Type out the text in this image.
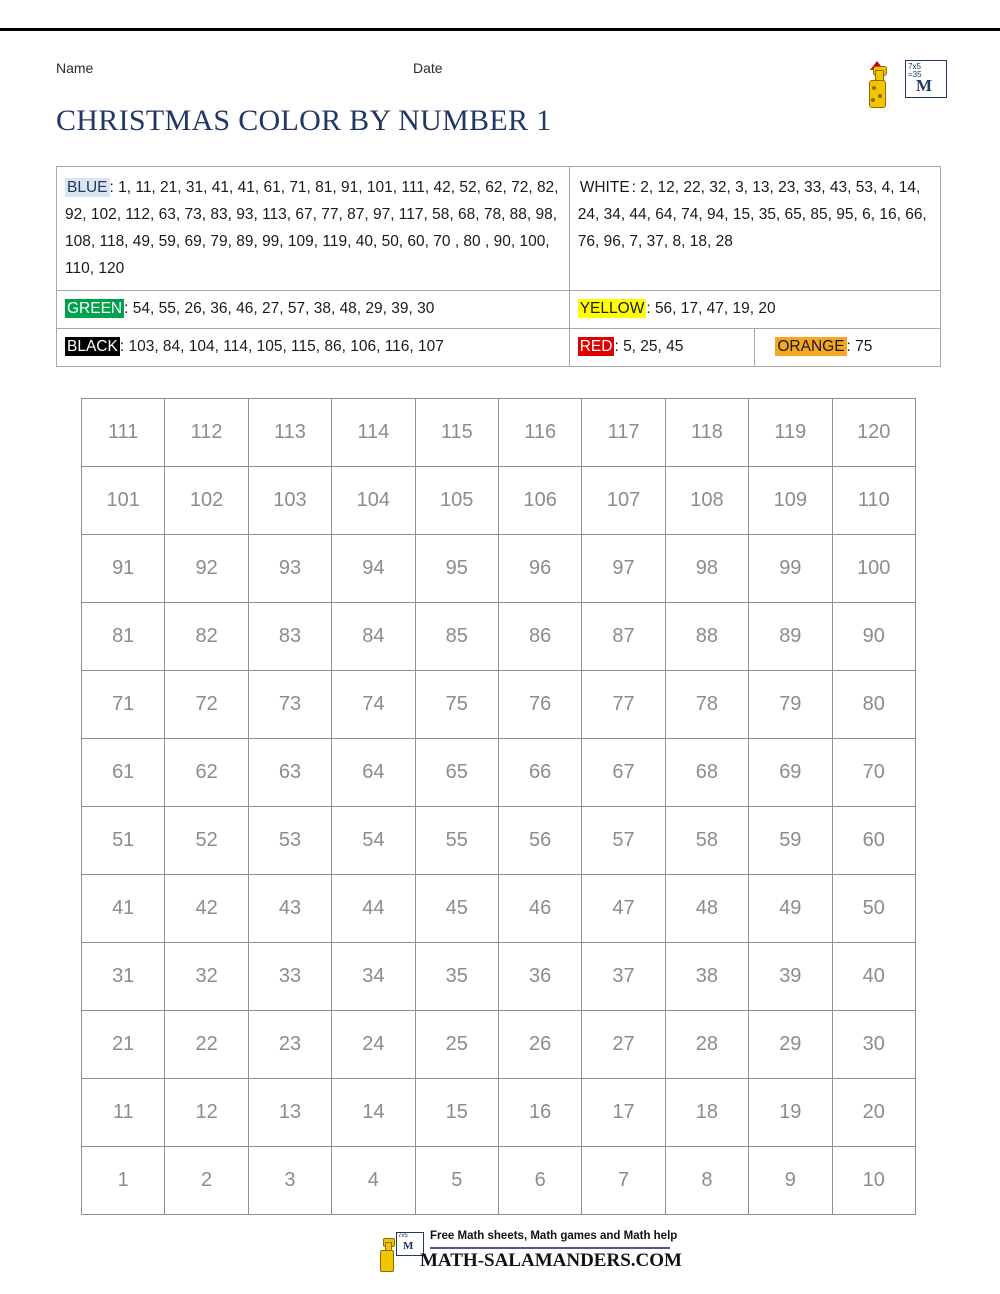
Name	Date
CHRISTMAS COLOR BY NUMBER 1
7x5
=35
M
BLUE : 1, 11, 21, 31, 41, 41, 61, 71, 81, 91, 101, 111, 42, 52, 62, 72, 82, 92, 102, 112, 63, 73, 83, 93, 113, 67, 77, 87, 97, 117, 58, 68, 78, 88, 98, 108, 118, 49, 59, 69, 79, 89, 99, 109, 119, 40, 50, 60, 70 , 80 , 90, 100, 110, 120	WHITE : 2, 12, 22, 32, 3, 13, 23, 33, 43, 53, 4, 14, 24, 34, 44, 64, 74, 94, 15, 35, 65, 85, 95, 6, 16, 66, 76, 96, 7, 37, 8, 18, 28
GREEN : 54, 55, 26, 36, 46, 27, 57, 38, 48, 29, 39, 30	YELLOW : 56, 17, 47, 19, 20
BLACK : 103, 84, 104, 114, 105, 115, 86, 106, 116, 107		RED : 5, 25, 45	ORANGE : 75
111	112	113	114	115	116	117	118	119	120
101	102	103	104	105	106	107	108	109	110
91	92	93	94	95	96	97	98	99	100
81	82	83	84	85	86	87	88	89	90
71	72	73	74	75	76	77	78	79	80
61	62	63	64	65	66	67	68	69	70
51	52	53	54	55	56	57	58	59	60
41	42	43	44	45	46	47	48	49	50
31	32	33	34	35	36	37	38	39	40
21	22	23	24	25	26	27	28	29	30
11	12	13	14	15	16	17	18	19	20
1	2	3	4	5	6	7	8	9	10
7x5
M
Free Math sheets, Math games and Math help
MATH-SALAMANDERS.COM
